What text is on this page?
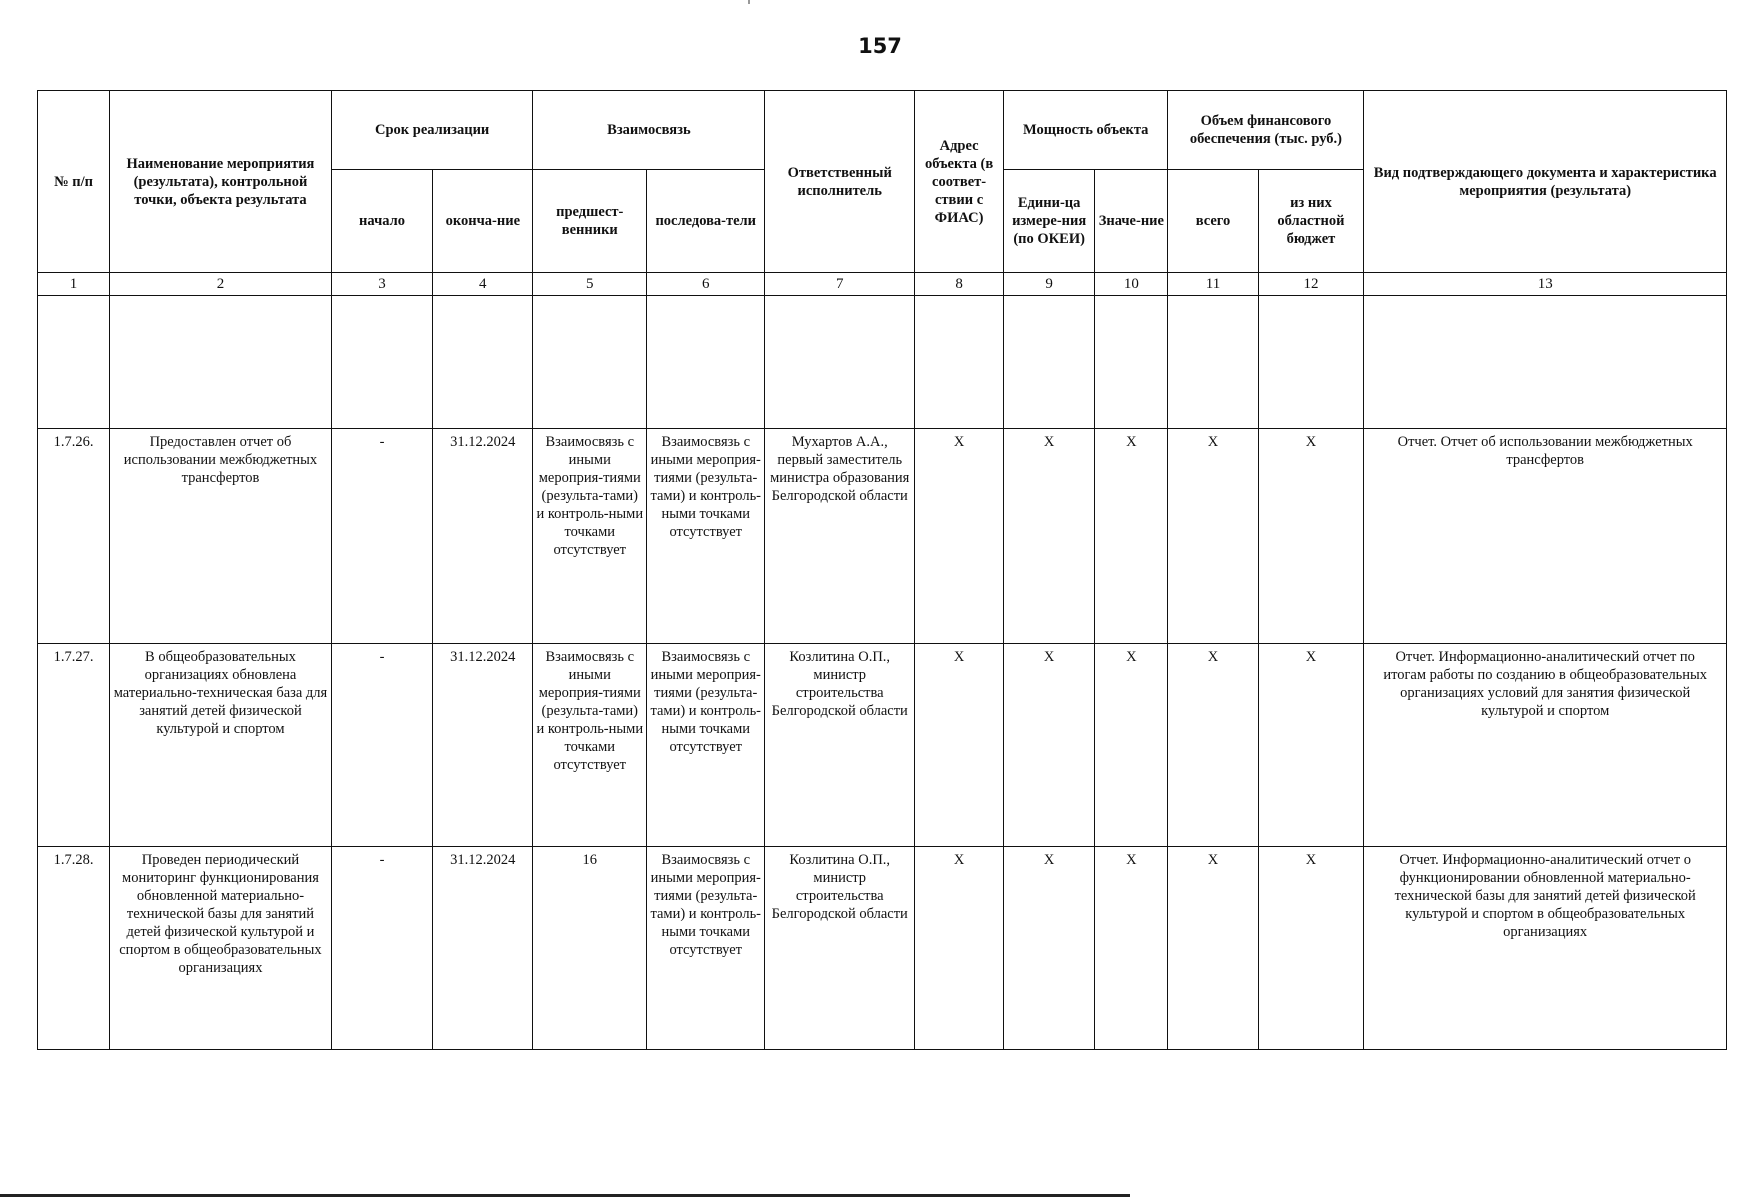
157
№ п/п	Наименование мероприятия (результата), контрольной точки, объекта результата	Срок реализации		Взаимосвязь		Ответственный исполнитель	Адрес объекта (в соответ-ствии с ФИАС)	Мощность объекта		Объем финансового обеспечения (тыс. руб.)		Вид подтверждающего документа и характеристика мероприятия (результата)
		начало	оконча-ние	предшест-венники	последова-тели			Едини-ца измере-ния (по ОКЕИ)	Значе-ние	всего	из них областной бюджет	
1	2	3	4	5	6	7	8	9	10	11	12	13

1.7.26.	Предоставлен отчет об использовании межбюджетных трансфертов	-	31.12.2024	Взаимосвязь с иными мероприя-тиями (результа-тами) и контроль-ными точками отсутствует	Взаимосвязь с иными мероприя-тиями (результа-тами) и контроль-ными точками отсутствует	Мухартов А.А., первый заместитель министра образования Белгородской области	X	X	X	X	X	Отчет. Отчет об использовании межбюджетных трансфертов
1.7.27.	В общеобразовательных организациях обновлена материально-техническая база для занятий детей физической культурой и спортом	-	31.12.2024	Взаимосвязь с иными мероприя-тиями (результа-тами) и контроль-ными точками отсутствует	Взаимосвязь с иными мероприя-тиями (результа-тами) и контроль-ными точками отсутствует	Козлитина О.П., министр строительства Белгородской области	X	X	X	X	X	Отчет. Информационно-аналитический отчет по итогам работы по созданию в общеобразовательных организациях условий для занятия физической культурой и спортом
1.7.28.	Проведен периодический мониторинг функционирования обновленной материально-технической базы для занятий детей физической культурой и спортом в общеобразовательных организациях	-	31.12.2024	16	Взаимосвязь с иными мероприя-тиями (результа-тами) и контроль-ными точками отсутствует	Козлитина О.П., министр строительства Белгородской области	X	X	X	X	X	Отчет. Информационно-аналитический отчет о функционировании обновленной материально-технической базы для занятий детей физической культурой и спортом в общеобразовательных организациях
